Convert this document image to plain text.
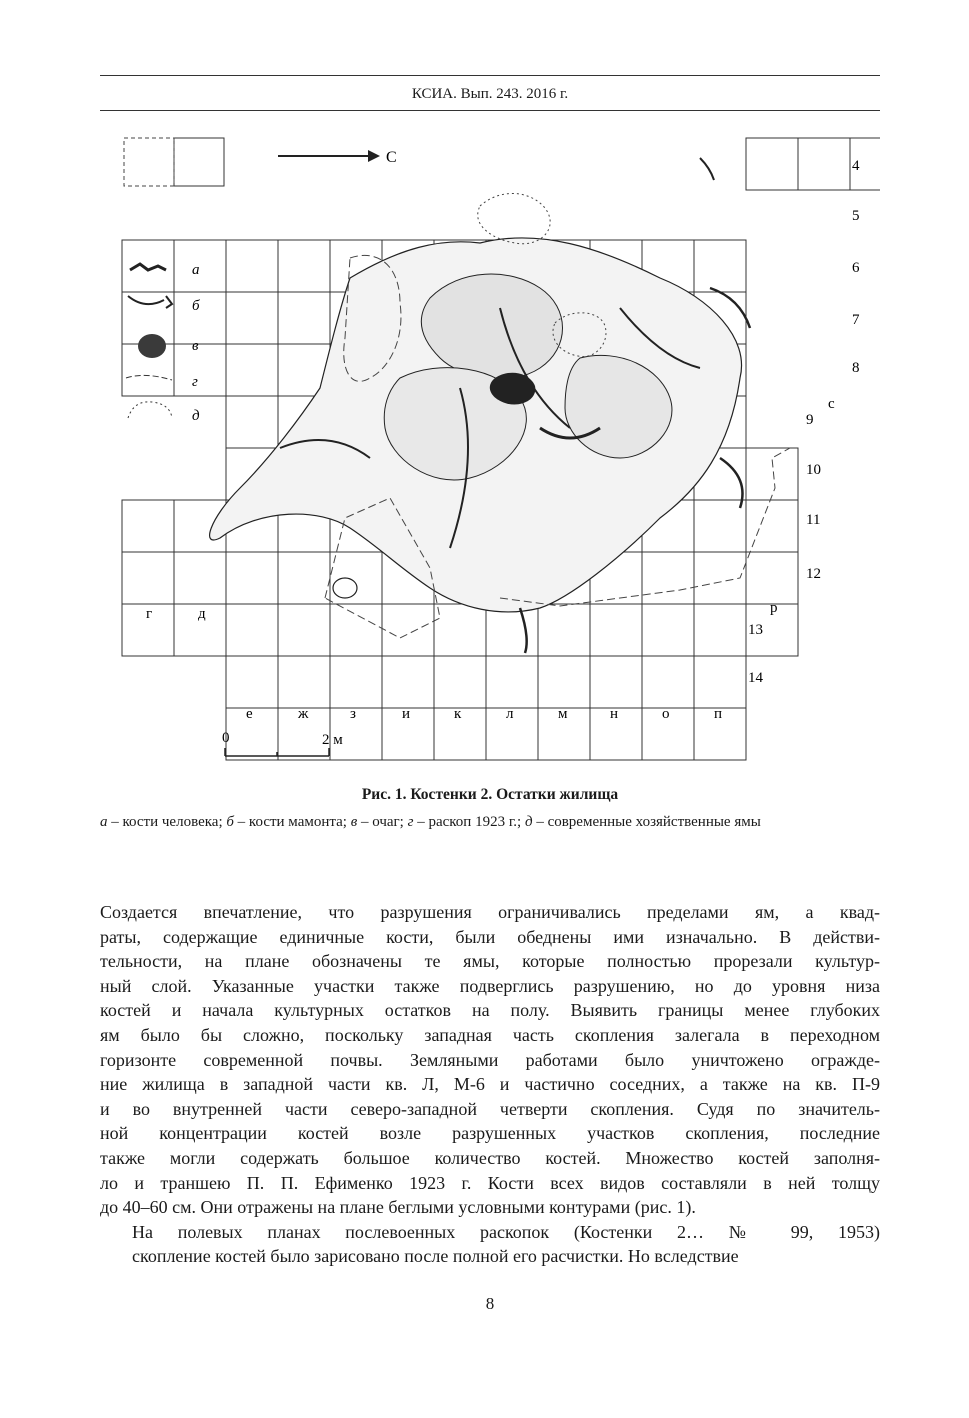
КСИА. Вып. 243. 2016 г.
С
а
б
в
г
д
4
5
6
7
8
9
10
11
12
13
14
е	ж	з	и	к	л	м	н	о	п
г	д
с
р
0	2 м
Рис. 1. Костенки 2. Остатки жилища
а – кости человека; б – кости мамонта; в – очаг; г – раскоп 1923 г.; д – современные хозяйственные ямы

Создается впечатление, что разрушения ограничивались пределами ям, а квад-
раты, содержащие единичные кости, были обеднены ими изначально. В действи-
тельности, на плане обозначены те ямы, которые полностью прорезали культур-
ный слой. Указанные участки также подверглись разрушению, но до уровня низа
костей и начала культурных остатков на полу. Выявить границы менее глубоких
ям было бы сложно, поскольку западная часть скопления залегала в переходном
горизонте современной почвы. Земляными работами было уничтожено огражде-
ние жилища в западной части кв. Л, М-6 и частично соседних, а также на кв. П-9
и во внутренней части северо-западной четверти скопления. Судя по значитель-
ной концентрации костей возле разрушенных участков скопления, последние
также могли содержать большое количество костей. Множество костей заполня-
ло и траншею П. П. Ефименко 1923 г. Кости всех видов составляли в ней толщу
до 40–60 см. Они отражены на плане беглыми условными контурами (рис. 1).

На полевых планах послевоенных раскопок (Костенки 2… № 99, 1953)
скопление костей было зарисовано после полной его расчистки. Но вследствие

8
